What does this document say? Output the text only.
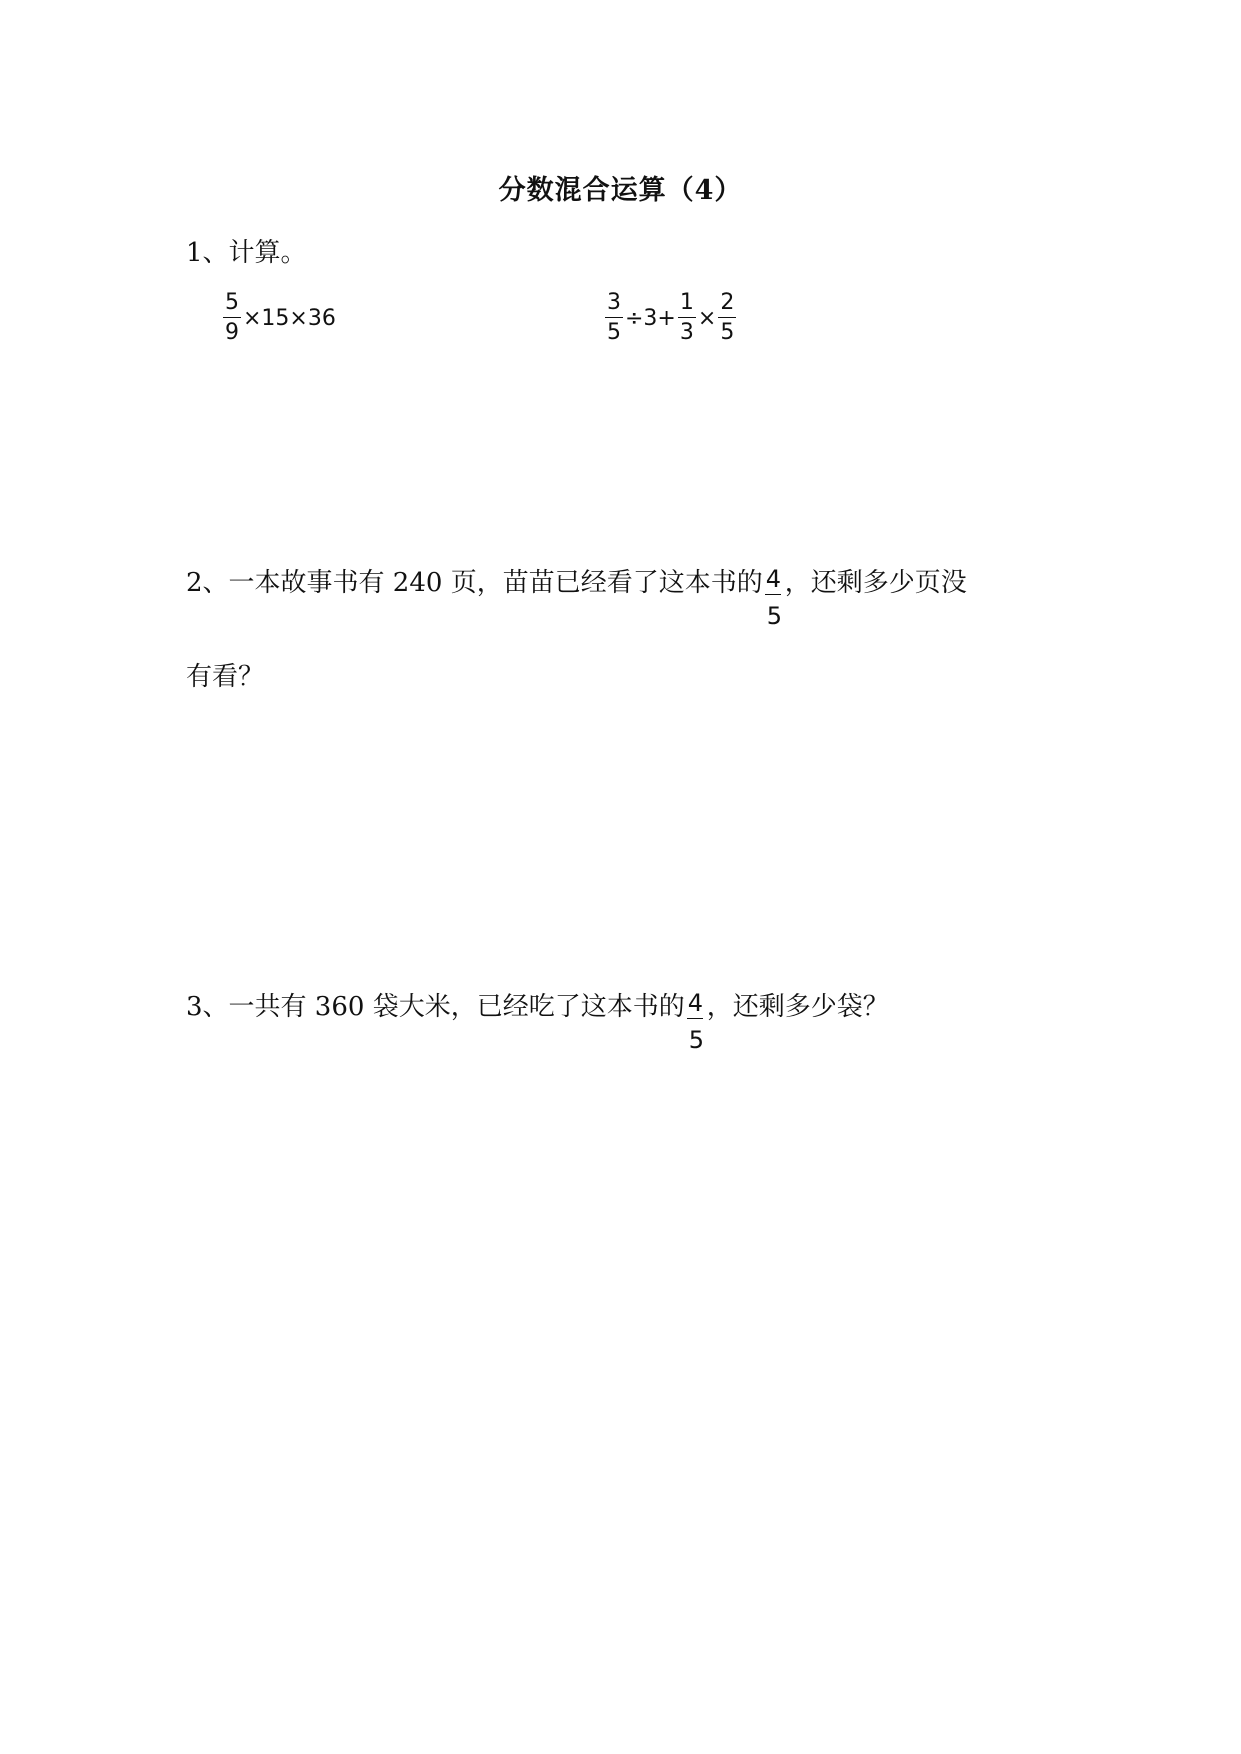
分数混合运算（4）
1、计算。
$\frac{5}{9} \times 15\times 36$	$\frac{3}{5} \div 3+ \frac{1}{3} \times \frac{2}{5}$
2、一本故事书有 240 页，苗苗已经看了这本书的 $\frac{4}{5}$ ，还剩多少页没
有看？
3、一共有 360 袋大米，已经吃了这本书的 $\frac{4}{5}$ ，还剩多少袋？
